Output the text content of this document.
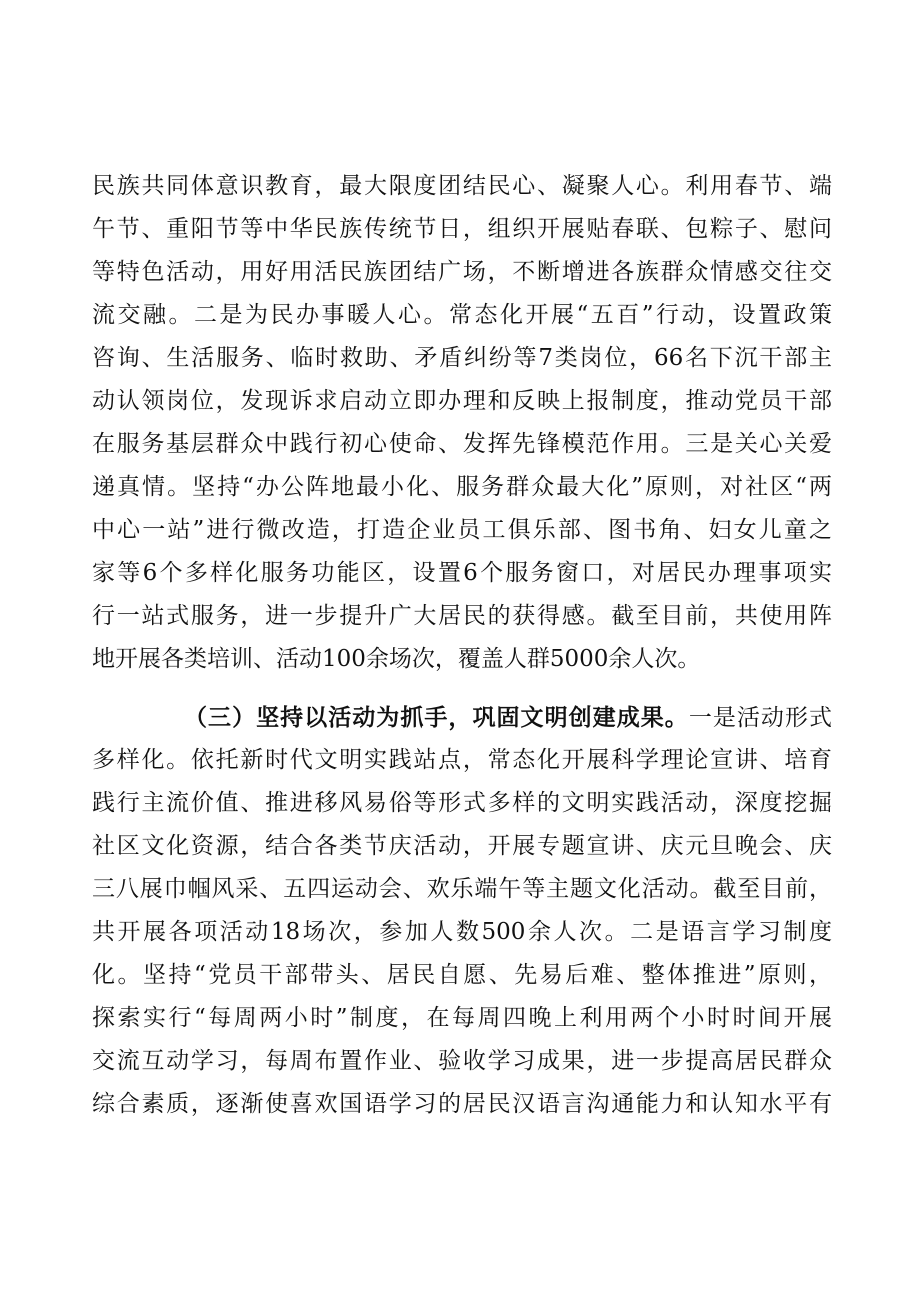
民族共同体意识教育，最大限度团结民心、凝聚人心。利用春节、端
午节、重阳节等中华民族传统节日，组织开展贴春联、包粽子、慰问
等特色活动，用好用活民族团结广场，不断增进各族群众情感交往交
流交融。二是为民办事暖人心。常态化开展“五百”行动，设置政策
咨询、生活服务、临时救助、矛盾纠纷等7类岗位，66名下沉干部主
动认领岗位，发现诉求启动立即办理和反映上报制度，推动党员干部
在服务基层群众中践行初心使命、发挥先锋模范作用。三是关心关爱
递真情。坚持“办公阵地最小化、服务群众最大化”原则，对社区“两
中心一站”进行微改造，打造企业员工俱乐部、图书角、妇女儿童之
家等6个多样化服务功能区，设置6个服务窗口，对居民办理事项实
行一站式服务，进一步提升广大居民的获得感。截至目前，共使用阵
地开展各类培训、活动100余场次，覆盖人群5000余人次。
（三）坚持以活动为抓手，巩固文明创建成果。一是活动形式
多样化。依托新时代文明实践站点，常态化开展科学理论宣讲、培育
践行主流价值、推进移风易俗等形式多样的文明实践活动，深度挖掘
社区文化资源，结合各类节庆活动，开展专题宣讲、庆元旦晚会、庆
三八展巾帼风采、五四运动会、欢乐端午等主题文化活动。截至目前，
共开展各项活动18场次，参加人数500余人次。二是语言学习制度
化。坚持“党员干部带头、居民自愿、先易后难、整体推进”原则，
探索实行“每周两小时”制度，在每周四晚上利用两个小时时间开展
交流互动学习，每周布置作业、验收学习成果，进一步提高居民群众
综合素质，逐渐使喜欢国语学习的居民汉语言沟通能力和认知水平有
